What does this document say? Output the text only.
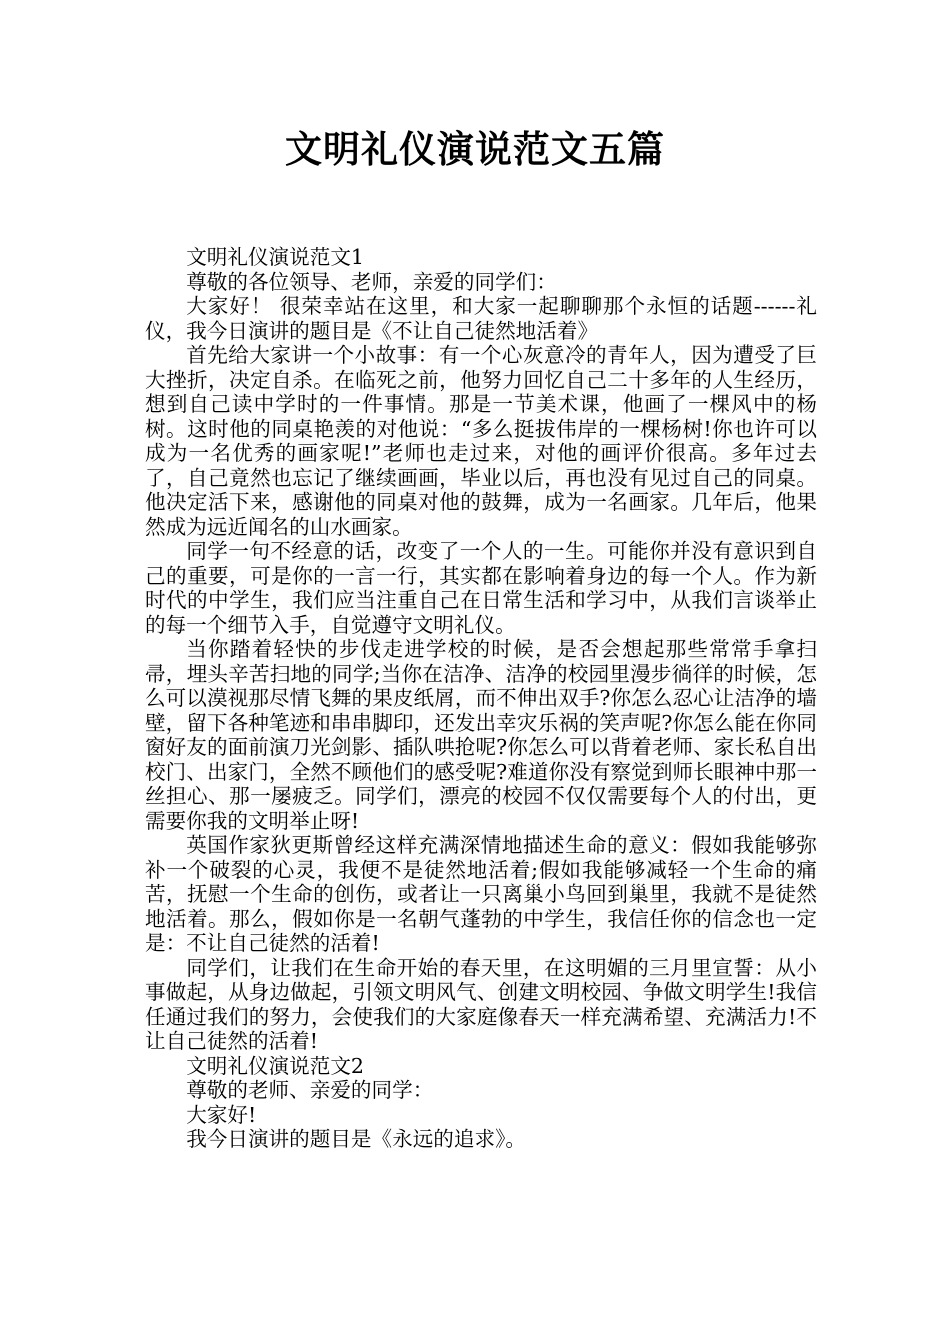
文明礼仪演说范文五篇

文明礼仪演说范文1

尊敬的各位领导、老师，亲爱的同学们：

大家好！ 很荣幸站在这里，和大家一起聊聊那个永恒的话题------礼仪，我今日演讲的题目是《不让自己徒然地活着》

首先给大家讲一个小故事：有一个心灰意冷的青年人，因为遭受了巨大挫折，决定自杀。在临死之前，他努力回忆自己二十多年的人生经历，想到自己读中学时的一件事情。那是一节美术课，他画了一棵风中的杨树。这时他的同桌艳羡的对他说：“多么挺拔伟岸的一棵杨树!你也许可以成为一名优秀的画家呢!”老师也走过来，对他的画评价很高。多年过去了，自己竟然也忘记了继续画画，毕业以后，再也没有见过自己的同桌。他决定活下来，感谢他的同桌对他的鼓舞，成为一名画家。几年后，他果然成为远近闻名的山水画家。

同学一句不经意的话，改变了一个人的一生。可能你并没有意识到自己的重要，可是你的一言一行，其实都在影响着身边的每一个人。作为新时代的中学生，我们应当注重自己在日常生活和学习中，从我们言谈举止的每一个细节入手，自觉遵守文明礼仪。

当你踏着轻快的步伐走进学校的时候，是否会想起那些常常手拿扫帚，埋头辛苦扫地的同学;当你在洁净、洁净的校园里漫步徜徉的时候，怎么可以漠视那尽情飞舞的果皮纸屑，而不伸出双手?你怎么忍心让洁净的墙壁，留下各种笔迹和串串脚印，还发出幸灾乐祸的笑声呢?你怎么能在你同窗好友的面前演刀光剑影、插队哄抢呢?你怎么可以背着老师、家长私自出校门、出家门，全然不顾他们的感受呢?难道你没有察觉到师长眼神中那一丝担心、那一屡疲乏。同学们，漂亮的校园不仅仅需要每个人的付出，更需要你我的文明举止呀!

英国作家狄更斯曾经这样充满深情地描述生命的意义：假如我能够弥补一个破裂的心灵，我便不是徒然地活着;假如我能够减轻一个生命的痛苦，抚慰一个生命的创伤，或者让一只离巢小鸟回到巢里，我就不是徒然地活着。那么，假如你是一名朝气蓬勃的中学生，我信任你的信念也一定是：不让自己徒然的活着!

同学们，让我们在生命开始的春天里，在这明媚的三月里宣誓：从小事做起，从身边做起，引领文明风气、创建文明校园、争做文明学生!我信任通过我们的努力，会使我们的大家庭像春天一样充满希望、充满活力!不让自己徒然的活着!

文明礼仪演说范文2

尊敬的老师、亲爱的同学：

大家好!

我今日演讲的题目是《永远的追求》。
